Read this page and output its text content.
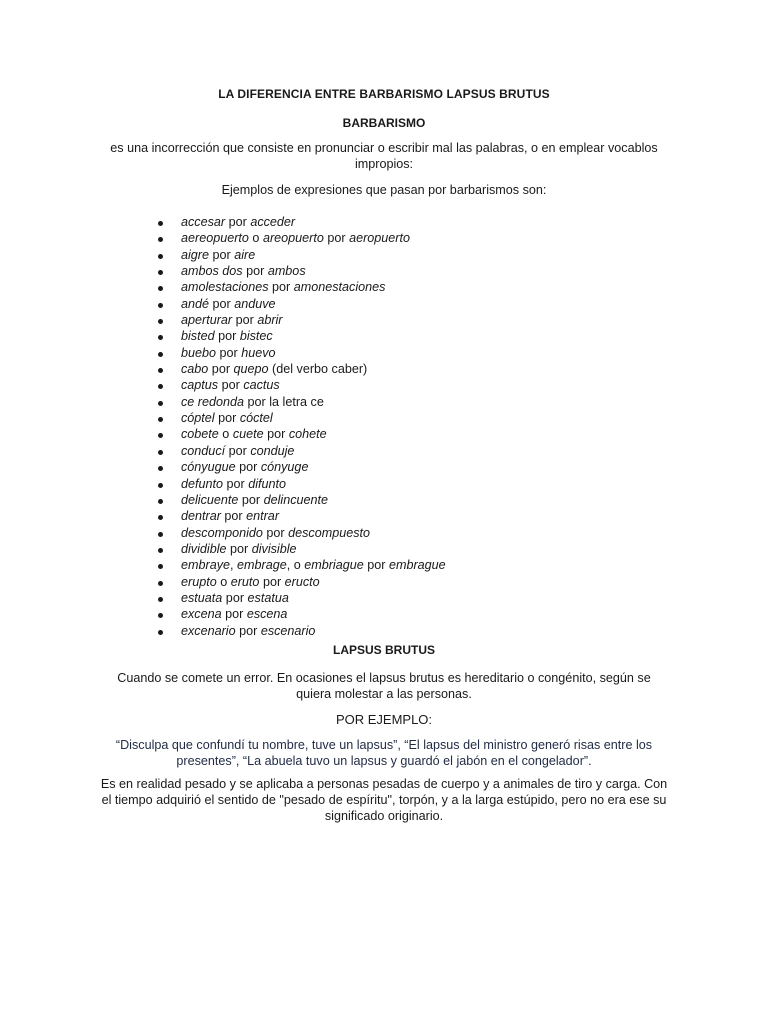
LA DIFERENCIA ENTRE BARBARISMO LAPSUS BRUTUS
BARBARISMO
es una incorrección que consiste en pronunciar o escribir mal las palabras, o en emplear vocablos impropios:
Ejemplos de expresiones que pasan por barbarismos son:
accesar por acceder
aereopuerto o areopuerto por aeropuerto
aigre por aire
ambos dos por ambos
amolestaciones por amonestaciones
andé por anduve
aperturar por abrir
bisted por bistec
buebo por huevo
cabo por quepo (del verbo caber)
captus por cactus
ce redonda por la letra ce
cóptel por cóctel
cobete o cuete por cohete
conducí por conduje
cónyugue por cónyuge
defunto por difunto
delicuente por delincuente
dentrar por entrar
descomponido por descompuesto
dividible por divisible
embraye, embrage, o embriague por embrague
erupto o eruto por eructo
estuata por estatua
excena por escena
excenario por escenario
LAPSUS BRUTUS
Cuando se comete un error. En ocasiones el lapsus brutus es hereditario o congénito, según se quiera molestar a las personas.
POR EJEMPLO:
“Disculpa que confundí tu nombre, tuve un lapsus”, “El lapsus del ministro generó risas entre los presentes”, “La abuela tuvo un lapsus y guardó el jabón en el congelador”.
Es en realidad pesado y se aplicaba a personas pesadas de cuerpo y a animales de tiro y carga. Con el tiempo adquirió el sentido de "pesado de espíritu", torpón, y a la larga estúpido, pero no era ese su significado originario.
